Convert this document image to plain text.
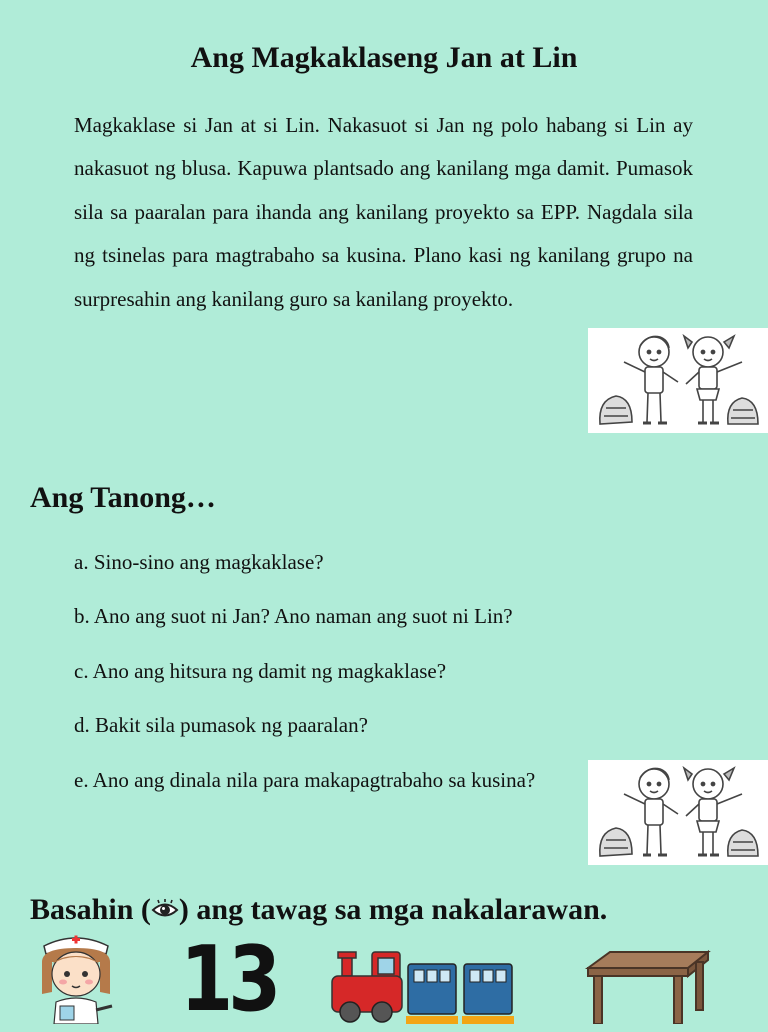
Ang Magkaklaseng Jan at Lin

Magkaklase si Jan at si Lin. Nakasuot si Jan ng polo habang si Lin ay nakasuot ng blusa. Kapuwa plantsado ang kanilang mga damit. Pumasok sila sa paaralan para ihanda ang kanilang proyekto sa EPP. Nagdala sila ng tsinelas para magtrabaho sa kusina. Plano kasi ng kanilang grupo na surpresahin ang kanilang guro sa kanilang proyekto.

Ang Tanong…

a. Sino-sino ang magkaklase?

b. Ano ang suot ni Jan? Ano naman ang suot ni Lin?

c. Ano ang hitsura ng damit ng magkaklase?

d. Bakit sila pumasok ng paaralan?

e. Ano ang dinala nila para makapagtrabaho sa kusina?

Basahin ( ) ang tawag sa mga nakalarawan.

13
